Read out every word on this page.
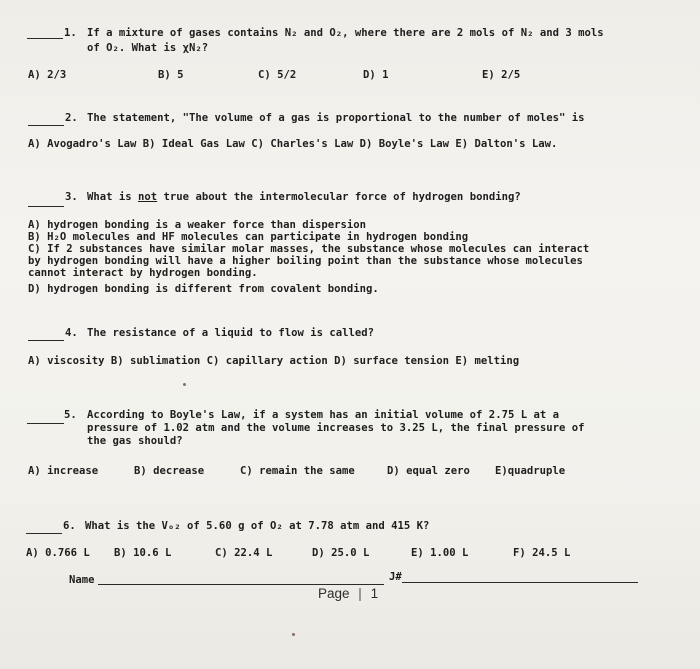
1. If a mixture of gases contains N₂ and O₂, where there are 2 mols of N₂ and 3 mols
of O₂. What is χN₂?
A) 2/3	B) 5	C) 5/2	D) 1	E) 2/5
2. The statement, "The volume of a gas is proportional to the number of moles" is
A) Avogadro's Law B) Ideal Gas Law C) Charles's Law D) Boyle's Law E) Dalton's Law.
3. What is not true about the intermolecular force of hydrogen bonding?
A) hydrogen bonding is a weaker force than dispersion
B) H₂O molecules and HF molecules can participate in hydrogen bonding
C) If 2 substances have similar molar masses, the substance whose molecules can interact
by hydrogen bonding will have a higher boiling point than the substance whose molecules
cannot interact by hydrogen bonding.
D) hydrogen bonding is different from covalent bonding.
4. The resistance of a liquid to flow is called?
A) viscosity B) sublimation C) capillary action D) surface tension E) melting
5. According to Boyle's Law, if a system has an initial volume of 2.75 L at a
pressure of 1.02 atm and the volume increases to 3.25 L, the final pressure of
the gas should?
A) increase	B) decrease	C) remain the same	D) equal zero E)quadruple
6. What is the Vₒ₂ of 5.60 g of O₂ at 7.78 atm and 415 K?
A) 0.766 L B) 10.6 L	C) 22.4 L	D) 25.0 L	E) 1.00 L	F) 24.5 L
Name	J#
Page | 1
